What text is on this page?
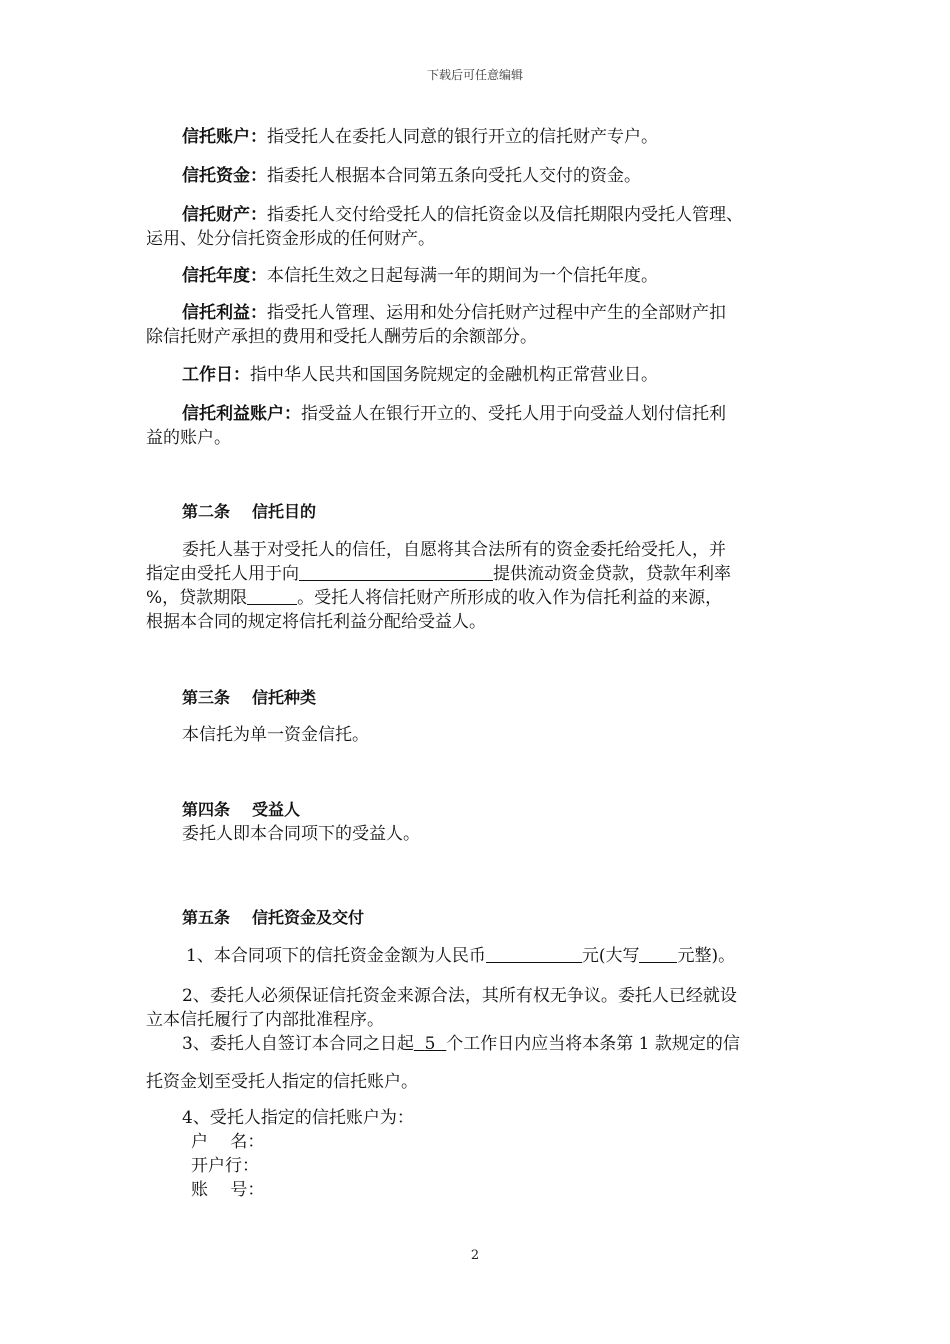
下载后可任意编辑
信托账户：指受托人在委托人同意的银行开立的信托财产专户。
信托资金：指委托人根据本合同第五条向受托人交付的资金。
信托财产：指委托人交付给受托人的信托资金以及信托期限内受托人管理、
运用、处分信托资金形成的任何财产。
信托年度：本信托生效之日起每满一年的期间为一个信托年度。
信托利益：指受托人管理、运用和处分信托财产过程中产生的全部财产扣
除信托财产承担的费用和受托人酬劳后的余额部分。
工作日：指中华人民共和国国务院规定的金融机构正常营业日。
信托利益账户：指受益人在银行开立的、受托人用于向受益人划付信托利
益的账户。
第二条 信托目的
委托人基于对受托人的信任，自愿将其合法所有的资金委托给受托人，并
指定由受托人用于向	提供流动资金贷款，贷款年利率
%，贷款期限	。受托人将信托财产所形成的收入作为信托利益的来源，
根据本合同的规定将信托利益分配给受益人。
第三条 信托种类
本信托为单一资金信托。
第四条 受益人
委托人即本合同项下的受益人。
第五条 信托资金及交付
1、本合同项下的信托资金金额为人民币	元(大写 元整)。
2、委托人必须保证信托资金来源合法，其所有权无争议。委托人已经就设
立本信托履行了内部批准程序。
3、委托人自签订本合同之日起 5 个工作日内应当将本条第 1 款规定的信
托资金划至受托人指定的信托账户。
4、受托人指定的信托账户为：
户　 名：
开户行：
账　 号：
2
